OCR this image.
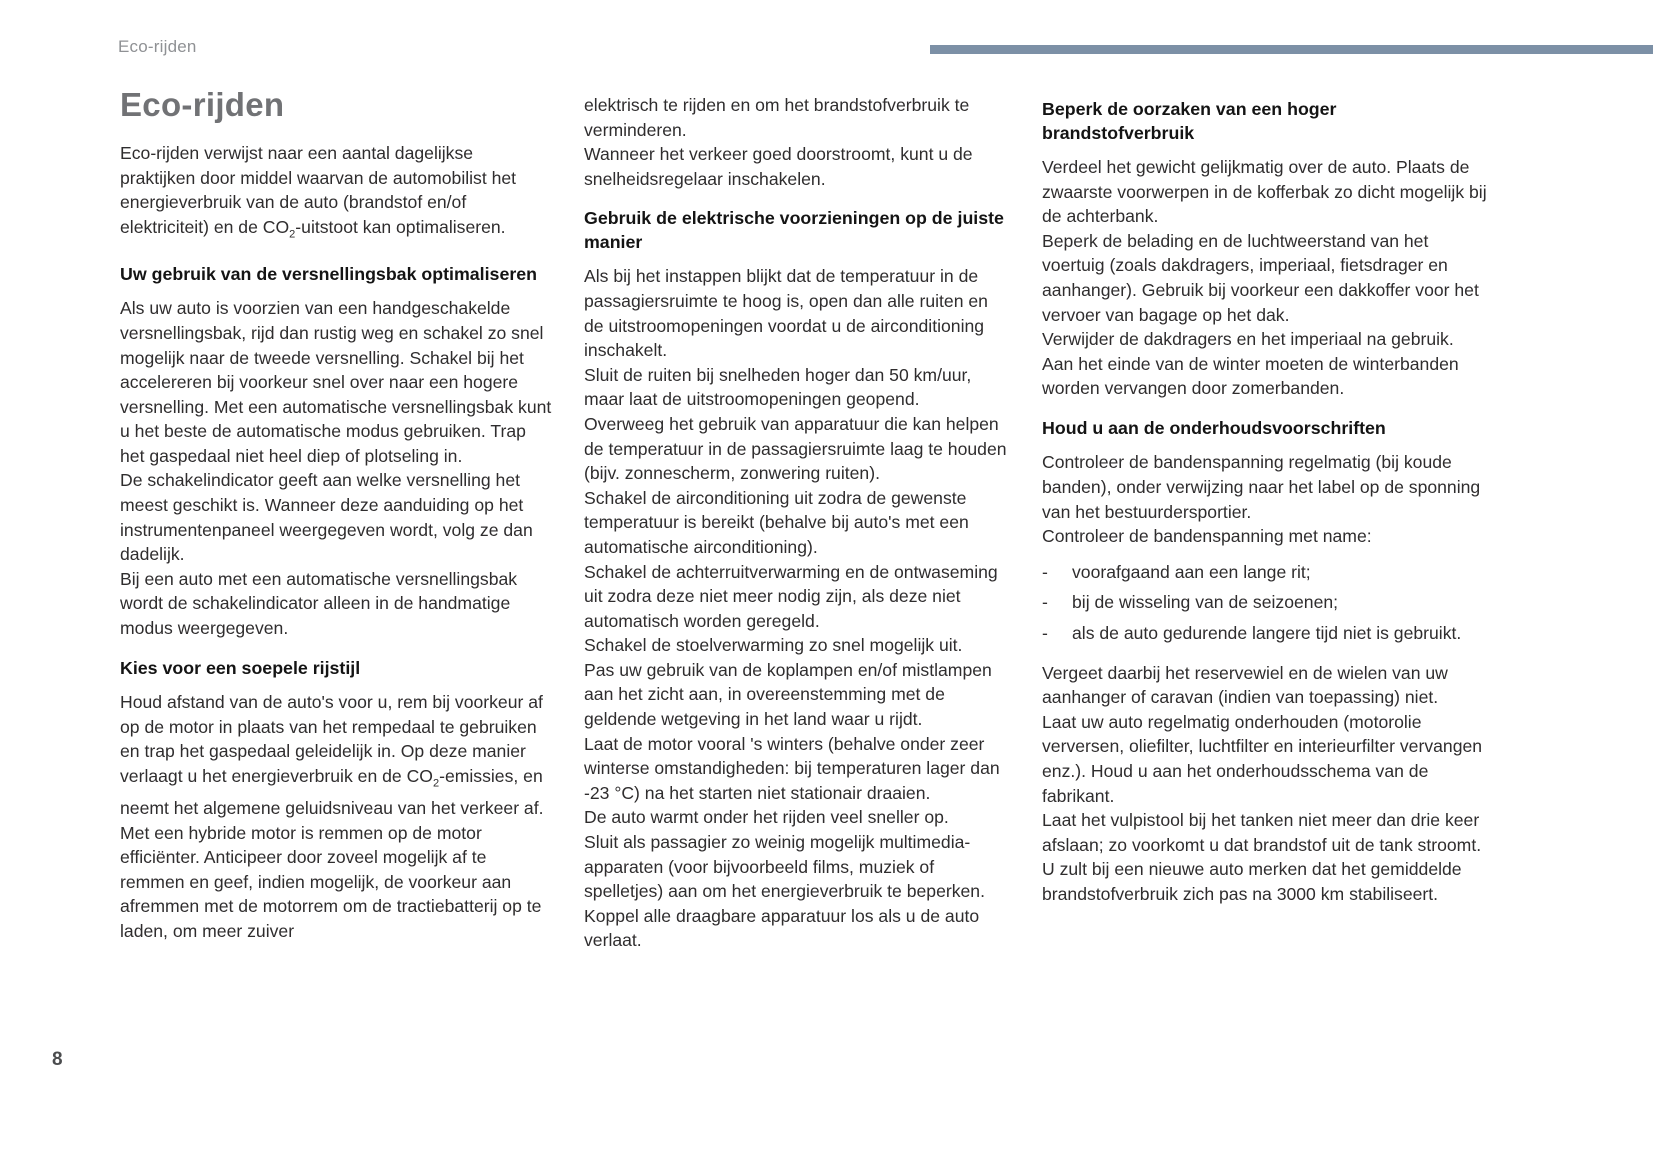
Eco-rijden
Eco-rijden

Eco-rijden verwijst naar een aantal dagelijkse praktijken door middel waarvan de automobilist het energieverbruik van de auto (brandstof en/of elektriciteit) en de $CO_2$-uitstoot kan optimaliseren.

Uw gebruik van de versnellingsbak optimaliseren

Als uw auto is voorzien van een handgeschakelde versnellingsbak, rijd dan rustig weg en schakel zo snel mogelijk naar de tweede versnelling. Schakel bij het accelereren bij voorkeur snel over naar een hogere versnelling. Met een automatische versnellingsbak kunt u het beste de automatische modus gebruiken. Trap het gaspedaal niet heel diep of plotseling in.

De schakelindicator geeft aan welke versnelling het meest geschikt is. Wanneer deze aanduiding op het instrumentenpaneel weergegeven wordt, volg ze dan dadelijk.

Bij een auto met een automatische versnellingsbak wordt de schakelindicator alleen in de handmatige modus weergegeven.

Kies voor een soepele rijstijl

Houd afstand van de auto's voor u, rem bij voorkeur af op de motor in plaats van het rempedaal te gebruiken en trap het gaspedaal geleidelijk in. Op deze manier verlaagt u het energieverbruik en de $CO_2$-emissies, en neemt het algemene geluidsniveau van het verkeer af. Met een hybride motor is remmen op de motor efficiënter. Anticipeer door zoveel mogelijk af te remmen en geef, indien mogelijk, de voorkeur aan afremmen met de motorrem om de tractiebatterij op te laden, om meer zuiver

elektrisch te rijden en om het brandstofverbruik te verminderen.

Wanneer het verkeer goed doorstroomt, kunt u de snelheidsregelaar inschakelen.

Gebruik de elektrische voorzieningen op de juiste manier

Als bij het instappen blijkt dat de temperatuur in de passagiersruimte te hoog is, open dan alle ruiten en de uitstroomopeningen voordat u de airconditioning inschakelt.

Sluit de ruiten bij snelheden hoger dan 50 km/uur, maar laat de uitstroomopeningen geopend.

Overweeg het gebruik van apparatuur die kan helpen de temperatuur in de passagiersruimte laag te houden (bijv. zonnescherm, zonwering ruiten).

Schakel de airconditioning uit zodra de gewenste temperatuur is bereikt (behalve bij auto's met een automatische airconditioning).

Schakel de achterruitverwarming en de ontwaseming uit zodra deze niet meer nodig zijn, als deze niet automatisch worden geregeld.

Schakel de stoelverwarming zo snel mogelijk uit.

Pas uw gebruik van de koplampen en/of mistlampen aan het zicht aan, in overeenstemming met de geldende wetgeving in het land waar u rijdt.

Laat de motor vooral 's winters (behalve onder zeer winterse omstandigheden: bij temperaturen lager dan -23 °C) na het starten niet stationair draaien.

De auto warmt onder het rijden veel sneller op.

Sluit als passagier zo weinig mogelijk multimedia-apparaten (voor bijvoorbeeld films, muziek of spelletjes) aan om het energieverbruik te beperken.

Koppel alle draagbare apparatuur los als u de auto verlaat.

Beperk de oorzaken van een hoger brandstofverbruik

Verdeel het gewicht gelijkmatig over de auto. Plaats de zwaarste voorwerpen in de kofferbak zo dicht mogelijk bij de achterbank.

Beperk de belading en de luchtweerstand van het voertuig (zoals dakdragers, imperiaal, fietsdrager en aanhanger). Gebruik bij voorkeur een dakkoffer voor het vervoer van bagage op het dak.

Verwijder de dakdragers en het imperiaal na gebruik.

Aan het einde van de winter moeten de winterbanden worden vervangen door zomerbanden.

Houd u aan de onderhoudsvoorschriften

Controleer de bandenspanning regelmatig (bij koude banden), onder verwijzing naar het label op de sponning van het bestuurdersportier.

Controleer de bandenspanning met name:

-	voorafgaand aan een lange rit;
-	bij de wisseling van de seizoenen;
-	als de auto gedurende langere tijd niet is gebruikt.

Vergeet daarbij het reservewiel en de wielen van uw aanhanger of caravan (indien van toepassing) niet.

Laat uw auto regelmatig onderhouden (motorolie verversen, oliefilter, luchtfilter en interieurfilter vervangen enz.). Houd u aan het onderhoudsschema van de fabrikant.

Laat het vulpistool bij het tanken niet meer dan drie keer afslaan; zo voorkomt u dat brandstof uit de tank stroomt.

U zult bij een nieuwe auto merken dat het gemiddelde brandstofverbruik zich pas na 3000 km stabiliseert.

8
